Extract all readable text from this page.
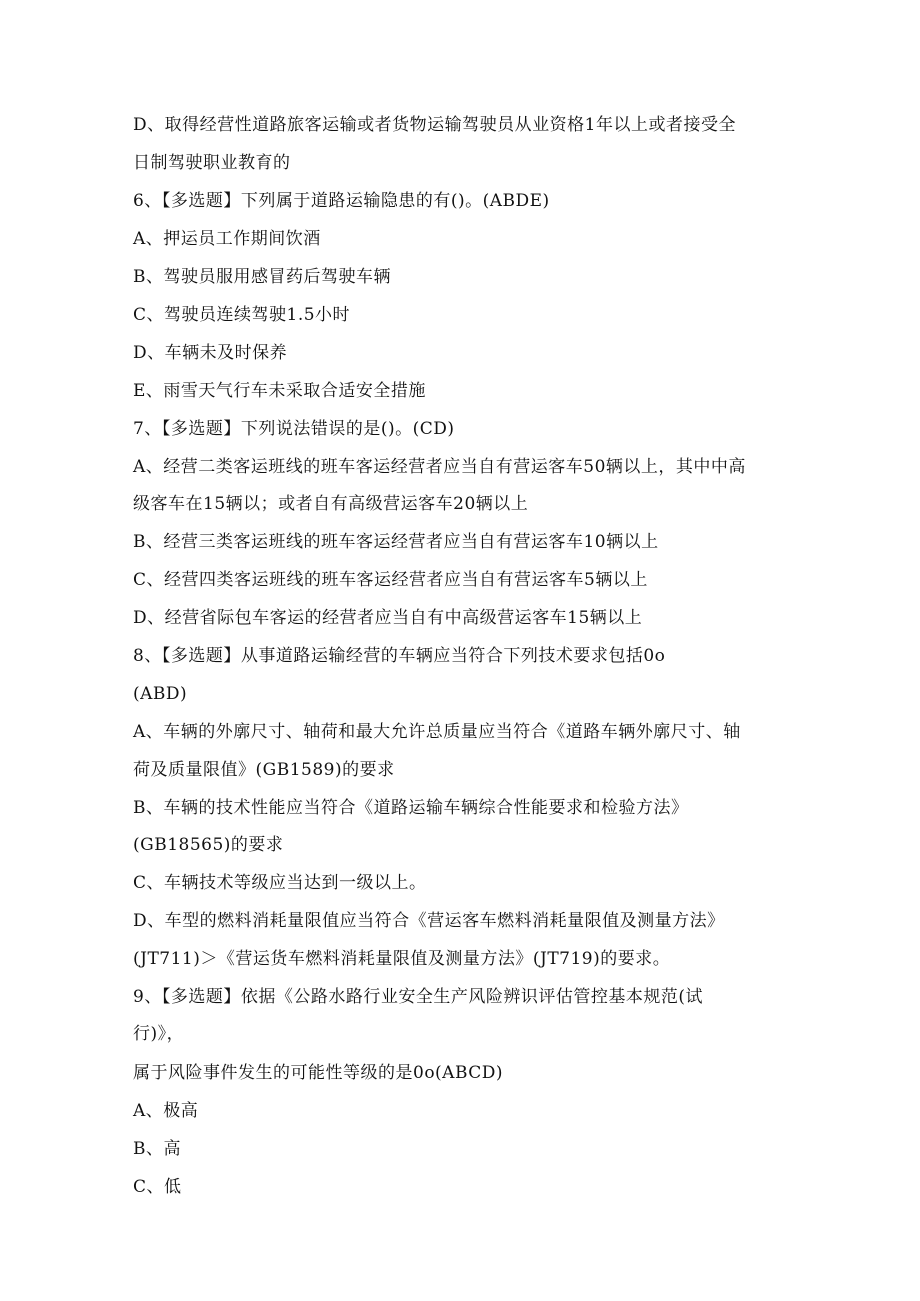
D、取得经营性道路旅客运输或者货物运输驾驶员从业资格1年以上或者接受全
日制驾驶职业教育的
6、【多选题】下列属于道路运输隐患的有()。(ABDE)
A、押运员工作期间饮酒
B、驾驶员服用感冒药后驾驶车辆
C、驾驶员连续驾驶1.5小时
D、车辆未及时保养
E、雨雪天气行车未采取合适安全措施
7、【多选题】下列说法错误的是()。(CD)
A、经营二类客运班线的班车客运经营者应当自有营运客车50辆以上，其中中高
级客车在15辆以；或者自有高级营运客车20辆以上
B、经营三类客运班线的班车客运经营者应当自有营运客车10辆以上
C、经营四类客运班线的班车客运经营者应当自有营运客车5辆以上
D、经营省际包车客运的经营者应当自有中高级营运客车15辆以上
8、【多选题】从事道路运输经营的车辆应当符合下列技术要求包括0o
(ABD)
A、车辆的外廓尺寸、轴荷和最大允许总质量应当符合《道路车辆外廓尺寸、轴
荷及质量限值》(GB1589)的要求
B、车辆的技术性能应当符合《道路运输车辆综合性能要求和检验方法》
(GB18565)的要求
C、车辆技术等级应当达到一级以上。
D、车型的燃料消耗量限值应当符合《营运客车燃料消耗量限值及测量方法》
(JT711)＞《营运货车燃料消耗量限值及测量方法》(JT719)的要求。
9、【多选题】依据《公路水路行业安全生产风险辨识评估管控基本规范(试
行)》，
属于风险事件发生的可能性等级的是0o(ABCD)
A、极高
B、高
C、低
